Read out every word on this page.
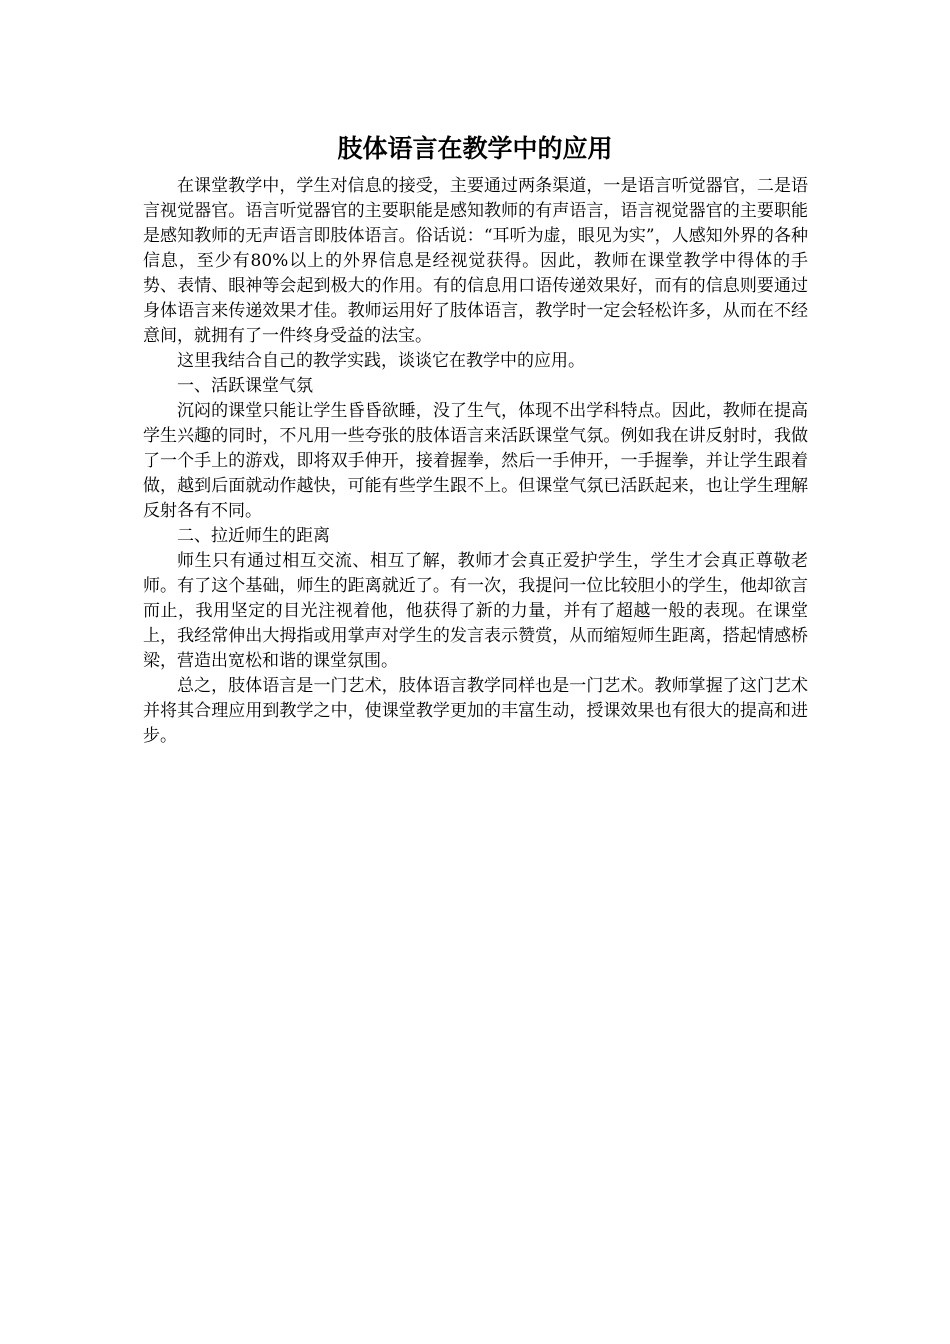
肢体语言在教学中的应用

在课堂教学中，学生对信息的接受，主要通过两条渠道，一是语言听觉器官，二是语言视觉器官。语言听觉器官的主要职能是感知教师的有声语言，语言视觉器官的主要职能是感知教师的无声语言即肢体语言。俗话说：“耳听为虚，眼见为实”，人感知外界的各种信息，至少有80%以上的外界信息是经视觉获得。因此，教师在课堂教学中得体的手势、表情、眼神等会起到极大的作用。有的信息用口语传递效果好，而有的信息则要通过身体语言来传递效果才佳。教师运用好了肢体语言，教学时一定会轻松许多，从而在不经意间，就拥有了一件终身受益的法宝。

这里我结合自己的教学实践，谈谈它在教学中的应用。

一、活跃课堂气氛

沉闷的课堂只能让学生昏昏欲睡，没了生气，体现不出学科特点。因此，教师在提高学生兴趣的同时，不凡用一些夸张的肢体语言来活跃课堂气氛。例如我在讲反射时，我做了一个手上的游戏，即将双手伸开，接着握拳，然后一手伸开，一手握拳，并让学生跟着做，越到后面就动作越快，可能有些学生跟不上。但课堂气氛已活跃起来，也让学生理解反射各有不同。

二、拉近师生的距离

师生只有通过相互交流、相互了解，教师才会真正爱护学生，学生才会真正尊敬老师。有了这个基础，师生的距离就近了。有一次，我提问一位比较胆小的学生，他却欲言而止，我用坚定的目光注视着他，他获得了新的力量，并有了超越一般的表现。在课堂上，我经常伸出大拇指或用掌声对学生的发言表示赞赏，从而缩短师生距离，搭起情感桥梁，营造出宽松和谐的课堂氛围。

总之，肢体语言是一门艺术，肢体语言教学同样也是一门艺术。教师掌握了这门艺术并将其合理应用到教学之中，使课堂教学更加的丰富生动，授课效果也有很大的提高和进步。
